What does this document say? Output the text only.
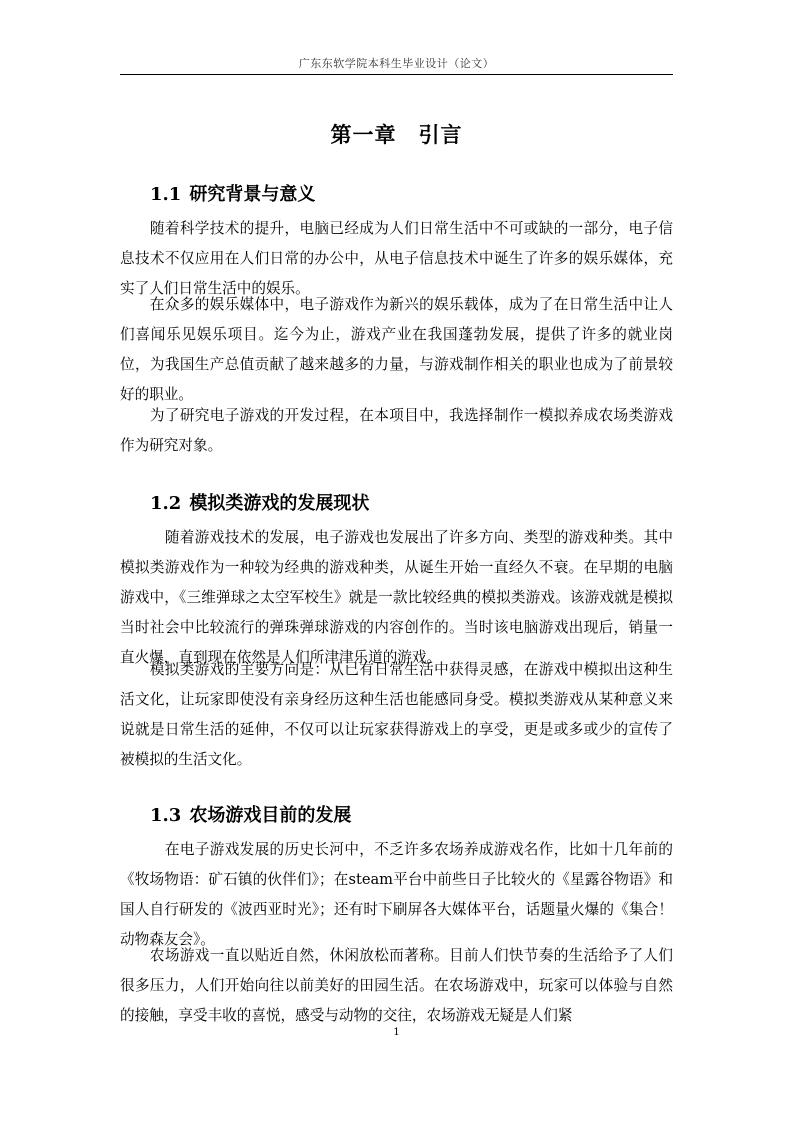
广东东软学院本科生毕业设计（论文）
第一章　引言
1.1 研究背景与意义
　　随着科学技术的提升，电脑已经成为人们日常生活中不可或缺的一部分，电子信息技术不仅应用在人们日常的办公中，从电子信息技术中诞生了许多的娱乐媒体，充实了人们日常生活中的娱乐。
　　在众多的娱乐媒体中，电子游戏作为新兴的娱乐载体，成为了在日常生活中让人们喜闻乐见娱乐项目。迄今为止，游戏产业在我国蓬勃发展，提供了许多的就业岗位，为我国生产总值贡献了越来越多的力量，与游戏制作相关的职业也成为了前景较好的职业。
　　为了研究电子游戏的开发过程，在本项目中，我选择制作一模拟养成农场类游戏作为研究对象。
1.2 模拟类游戏的发展现状
　　　随着游戏技术的发展，电子游戏也发展出了许多方向、类型的游戏种类。其中模拟类游戏作为一种较为经典的游戏种类，从诞生开始一直经久不衰。在早期的电脑游戏中，《三维弹球之太空军校生》就是一款比较经典的模拟类游戏。该游戏就是模拟当时社会中比较流行的弹珠弹球游戏的内容创作的。当时该电脑游戏出现后，销量一直火爆，直到现在依然是人们所津津乐道的游戏。
　　模拟类游戏的主要方向是：从已有日常生活中获得灵感，在游戏中模拟出这种生活文化，让玩家即使没有亲身经历这种生活也能感同身受。模拟类游戏从某种意义来说就是日常生活的延伸，不仅可以让玩家获得游戏上的享受，更是或多或少的宣传了被模拟的生活文化。
1.3 农场游戏目前的发展
　　　在电子游戏发展的历史长河中，不乏许多农场养成游戏名作，比如十几年前的《牧场物语：矿石镇的伙伴们》；在steam平台中前些日子比较火的《星露谷物语》和国人自行研发的《波西亚时光》；还有时下刷屏各大媒体平台，话题量火爆的《集合！动物森友会》。
　　农场游戏一直以贴近自然，休闲放松而著称。目前人们快节奏的生活给予了人们很多压力，人们开始向往以前美好的田园生活。在农场游戏中，玩家可以体验与自然的接触，享受丰收的喜悦，感受与动物的交往，农场游戏无疑是人们紧
1
